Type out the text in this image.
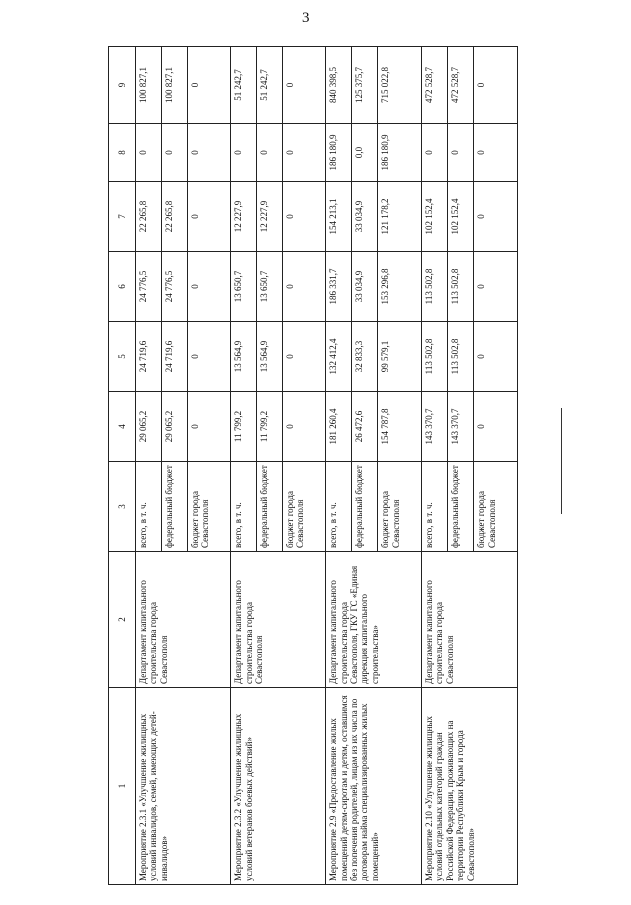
3
1	2	3	4	5	6	7	8	9
Мероприятие 2.3.1 «Улучшение жилищных условий инвалидов, семей, имеющих детей-инвалидов»	Департамент капитального строительства города Севастополя	всего, в т. ч.	29 065,2	24 719,6	24 776,5	22 265,8	0	100 827,1
		федеральный бюджет	29 065,2	24 719,6	24 776,5	22 265,8	0	100 827,1
		бюджет города Севастополя	0	0	0	0	0	0
Мероприятие 2.3.2 «Улучшение жилищных условий ветеранов боевых действий»	Департамент капитального строительства города Севастополя	всего, в т. ч.	11 799,2	13 564,9	13 650,7	12 227,9	0	51 242,7
		федеральный бюджет	11 799,2	13 564,9	13 650,7	12 227,9	0	51 242,7
		бюджет города Севастополя	0	0	0	0	0	0
Мероприятие 2.9 «Предоставление жилых помещений детям-сиротам и детям, оставшимся без попечения родителей, лицам из их числа по договорам найма специализированных жилых помещений»	Департамент капитального строительства города Севастополя, ГКУ ГС «Единая дирекция капитального строительства»	всего, в т. ч.	181 260,4	132 412,4	186 331,7	154 213,1	186 180,9	840 398,5
		федеральный бюджет	26 472,6	32 833,3	33 034,9	33 034,9	0,0	125 375,7
		бюджет города Севастополя	154 787,8	99 579,1	153 296,8	121 178,2	186 180,9	715 022,8
Мероприятие 2.10 «Улучшение жилищных условий отдельных категорий граждан Российской Федерации, проживающих на территории Республики Крым и города Севастополя»	Департамент капитального строительства города Севастополя	всего, в т. ч.	143 370,7	113 502,8	113 502,8	102 152,4	0	472 528,7
		федеральный бюджет	143 370,7	113 502,8	113 502,8	102 152,4	0	472 528,7
		бюджет города Севастополя	0	0	0	0	0	0
